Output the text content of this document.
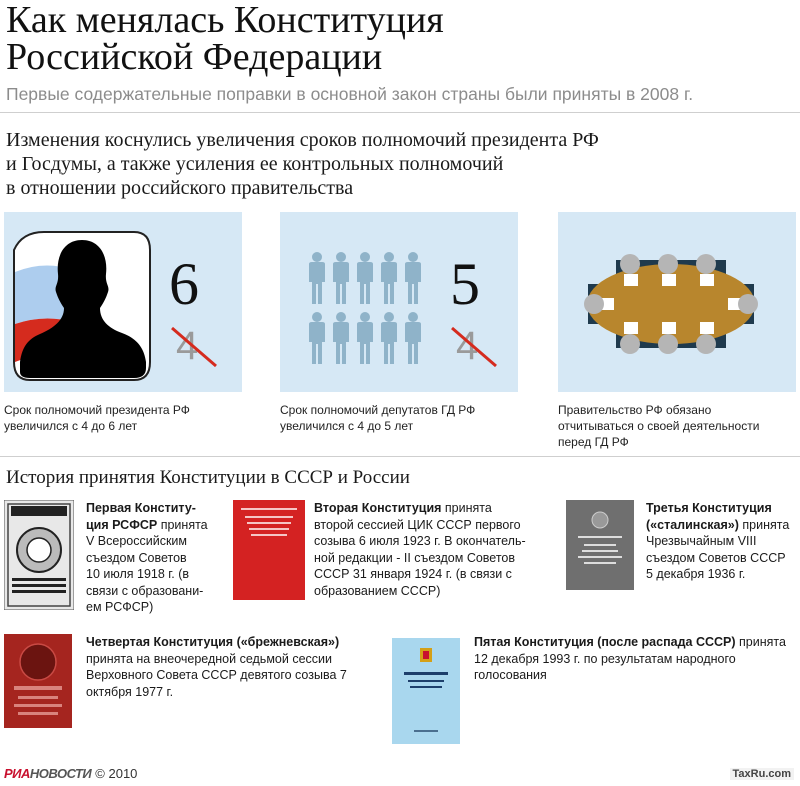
Как менялась Конституция
Российской Федерации
Первые содержательные поправки в основной закон страны были приняты в 2008 г.
Изменения коснулись увеличения сроков полномочий президента РФ
и Госдумы, а также усиления ее контрольных полномочий
в отношении российского правительства
6
4
Срок полномочий президента РФ
увеличился с 4 до 6 лет
5
4
Срок полномочий депутатов ГД РФ
увеличился с 4 до 5 лет
Правительство РФ обязано
отчитываться о своей деятельности
перед ГД РФ
История принятия Конституции в СССР и России
Первая Конститу-
ция РСФСР принята
V Всероссийским
съездом Советов
10 июля 1918 г. (в
связи с образовани-
ем РСФСР)
Вторая Конституция принята
второй сессией ЦИК СССР первого
созыва 6 июля 1923 г. В окончатель-
ной редакции - II съездом Советов
СССР 31 января 1924 г. (в связи с
образованием СССР)
Третья Конституция
(«сталинская») принята
Чрезвычайным VIII
съездом Советов СССР
5 декабря 1936 г.
Четвертая Конституция («брежневская»)
принята на внеочередной седьмой сессии
Верховного Совета СССР девятого созыва 7
октября 1977 г.
Пятая Конституция (после распада СССР) принята
12 декабря 1993 г. по результатам народного
голосования
РИАНОВОСТИ © 2010	TaxRu.com
